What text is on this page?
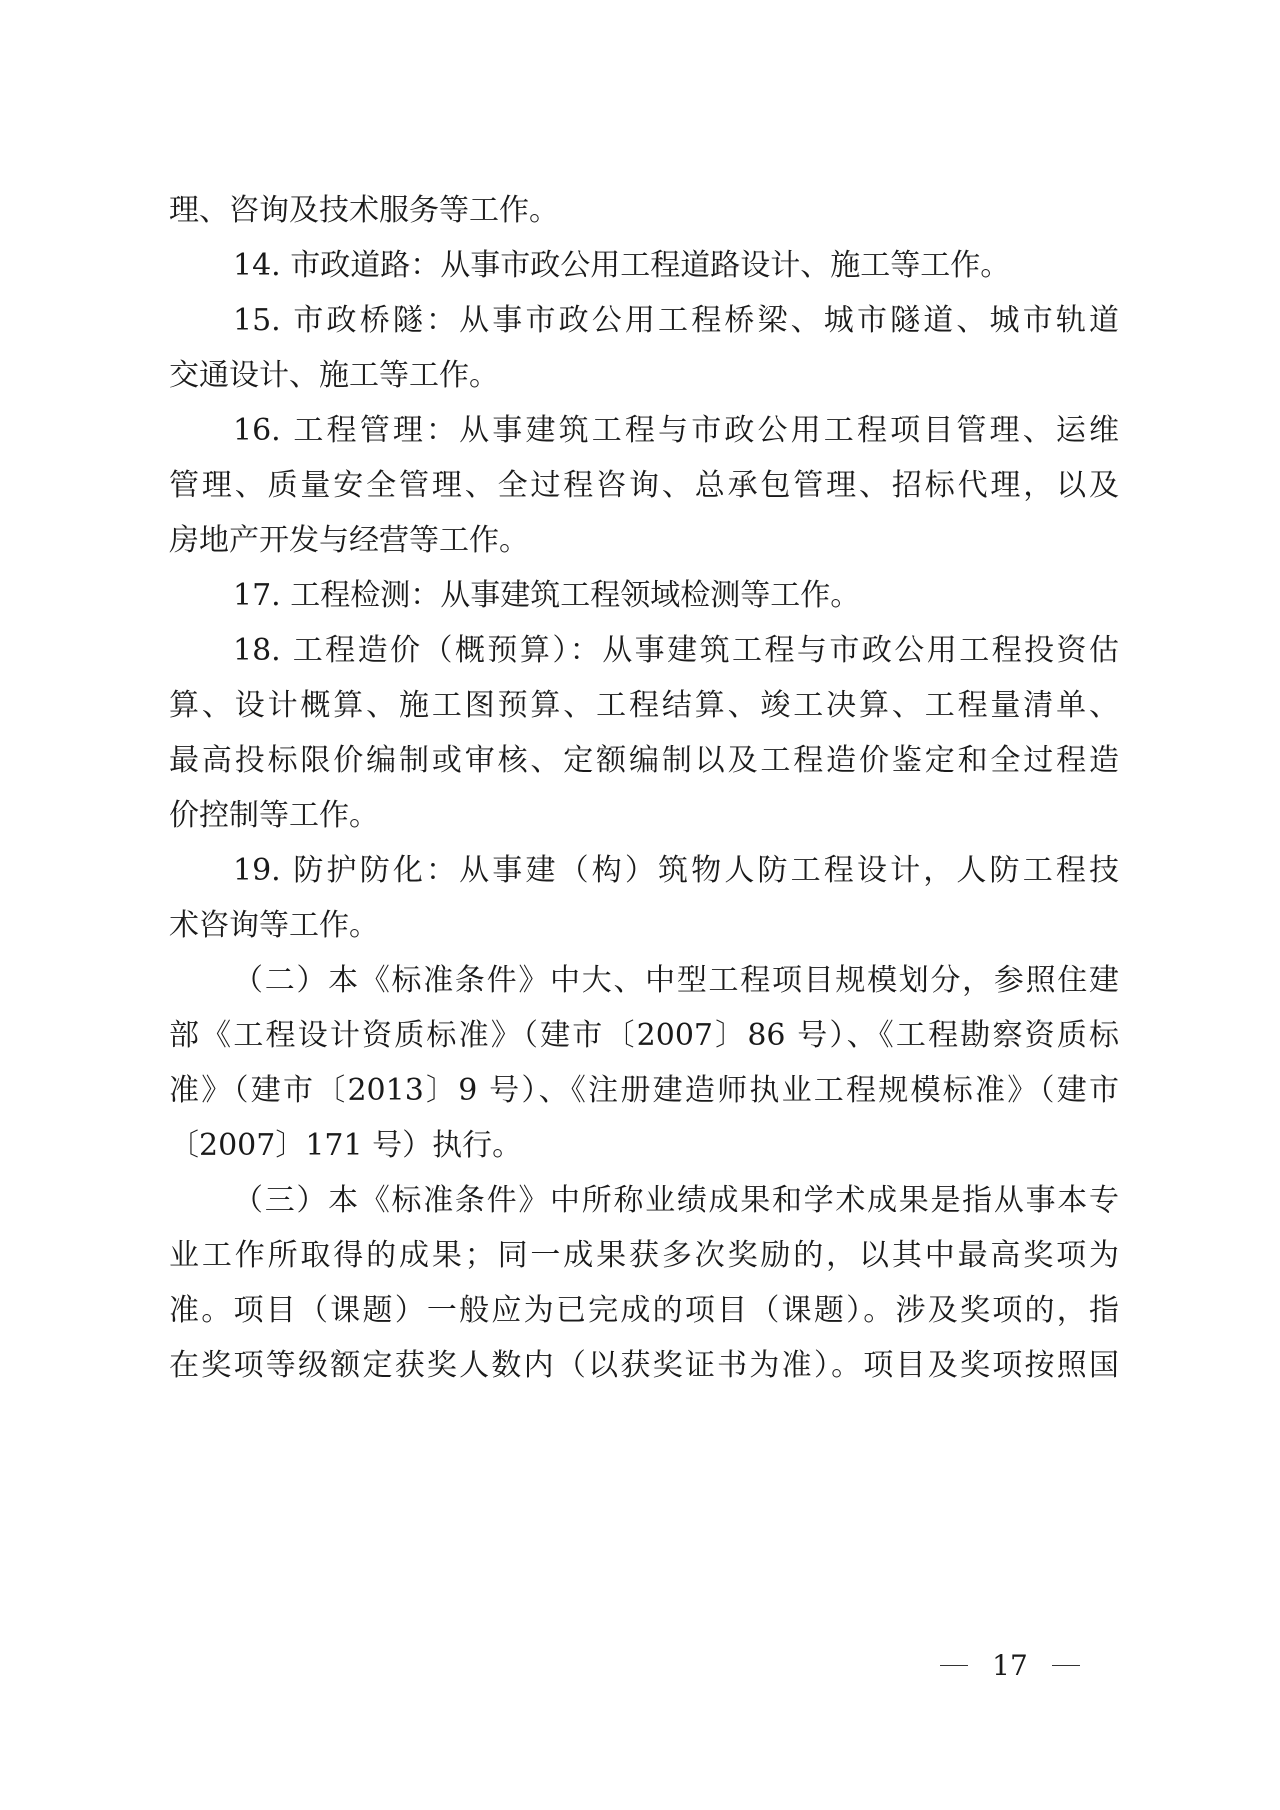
理、咨询及技术服务等工作。
14. 市政道路：从事市政公用工程道路设计、施工等工作。
15. 市政桥隧：从事市政公用工程桥梁、城市隧道、城市轨道
交通设计、施工等工作。
16. 工程管理：从事建筑工程与市政公用工程项目管理、运维
管理、质量安全管理、全过程咨询、总承包管理、招标代理，以及
房地产开发与经营等工作。
17. 工程检测：从事建筑工程领域检测等工作。
18. 工程造价（概预算）：从事建筑工程与市政公用工程投资估
算、设计概算、施工图预算、工程结算、竣工决算、工程量清单、
最高投标限价编制或审核、定额编制以及工程造价鉴定和全过程造
价控制等工作。
19. 防护防化：从事建（构）筑物人防工程设计，人防工程技
术咨询等工作。
（二）本《标准条件》中大、中型工程项目规模划分，参照住建
部《工程设计资质标准》（建市〔2007〕86 号）、《工程勘察资质标
准》（建市〔2013〕9 号）、《注册建造师执业工程规模标准》（建市
〔2007〕171 号）执行。
（三）本《标准条件》中所称业绩成果和学术成果是指从事本专
业工作所取得的成果；同一成果获多次奖励的，以其中最高奖项为
准。项目（课题）一般应为已完成的项目（课题）。涉及奖项的，指
在奖项等级额定获奖人数内（以获奖证书为准）。项目及奖项按照国
17
